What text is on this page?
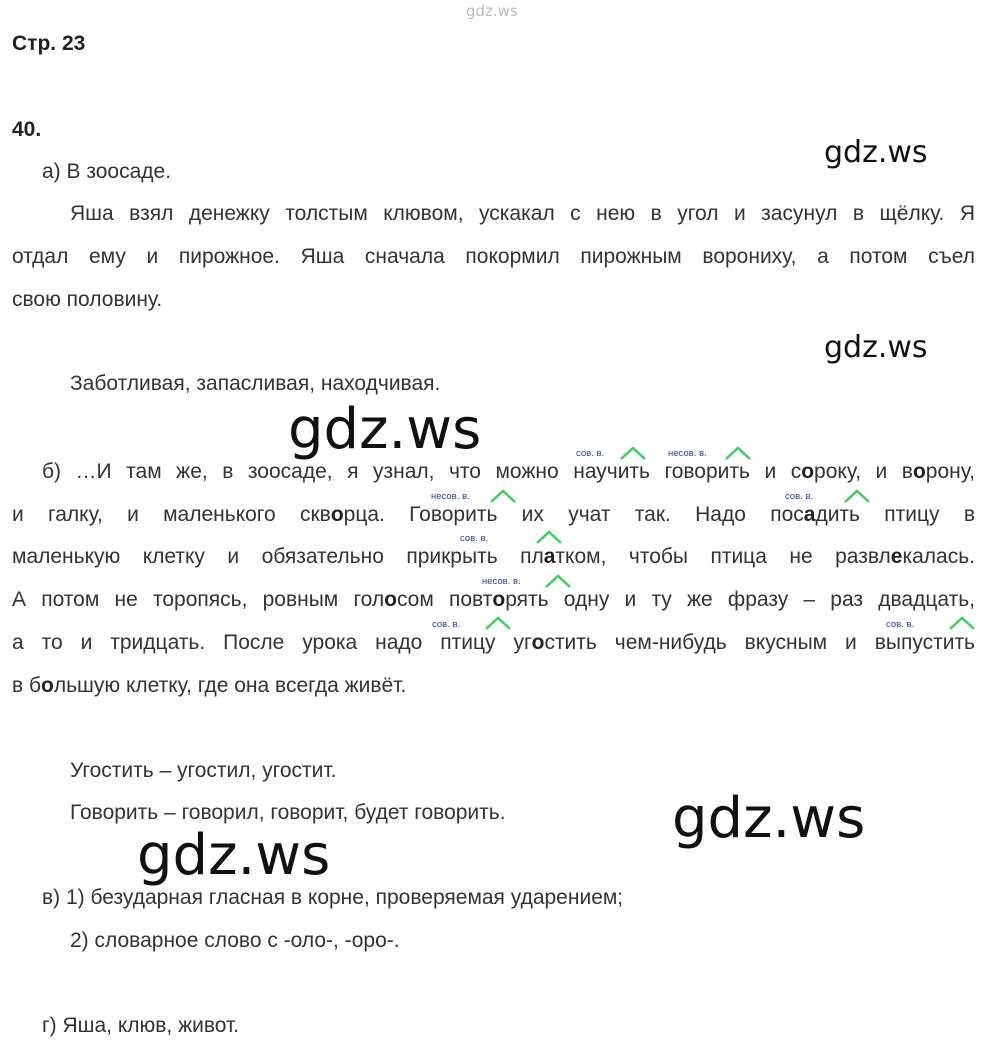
gdz.ws
Стр. 23
40.
а) В зоосаде.
Яша взял денежку толстым клювом, ускакал с нею в угол и засунул в щёлку. Я
отдал ему и пирожное. Яша сначала покормил пирожным ворониху, а потом съел
свою половину.
Заботливая, запасливая, находчивая.
б) …И там же, в зоосаде, я узнал, что можно научить говорить и сороку, и ворону,
и галку, и маленького скворца. Говорить их учат так. Надо посадить птицу в
маленькую клетку и обязательно прикрыть платком, чтобы птица не развлекалась.
А потом не торопясь, ровным голосом повторять одну и ту же фразу – раз двадцать,
а то и тридцать. После урока надо птицу угостить чем-нибудь вкусным и выпустить
в большую клетку, где она всегда живёт.
сов. в.	несов. в.
несов. в.	сов. в.
сов. в.
несов. в.
сов. в.	сов. в.
Угостить – угостил, угостит.
Говорить – говорил, говорит, будет говорить.
в) 1) безударная гласная в корне, проверяемая ударением;
2) словарное слово с -оло-, -оро-.
г) Яша, клюв, живот.
gdz.ws
gdz.ws
gdz.ws
gdz.ws
gdz.ws
